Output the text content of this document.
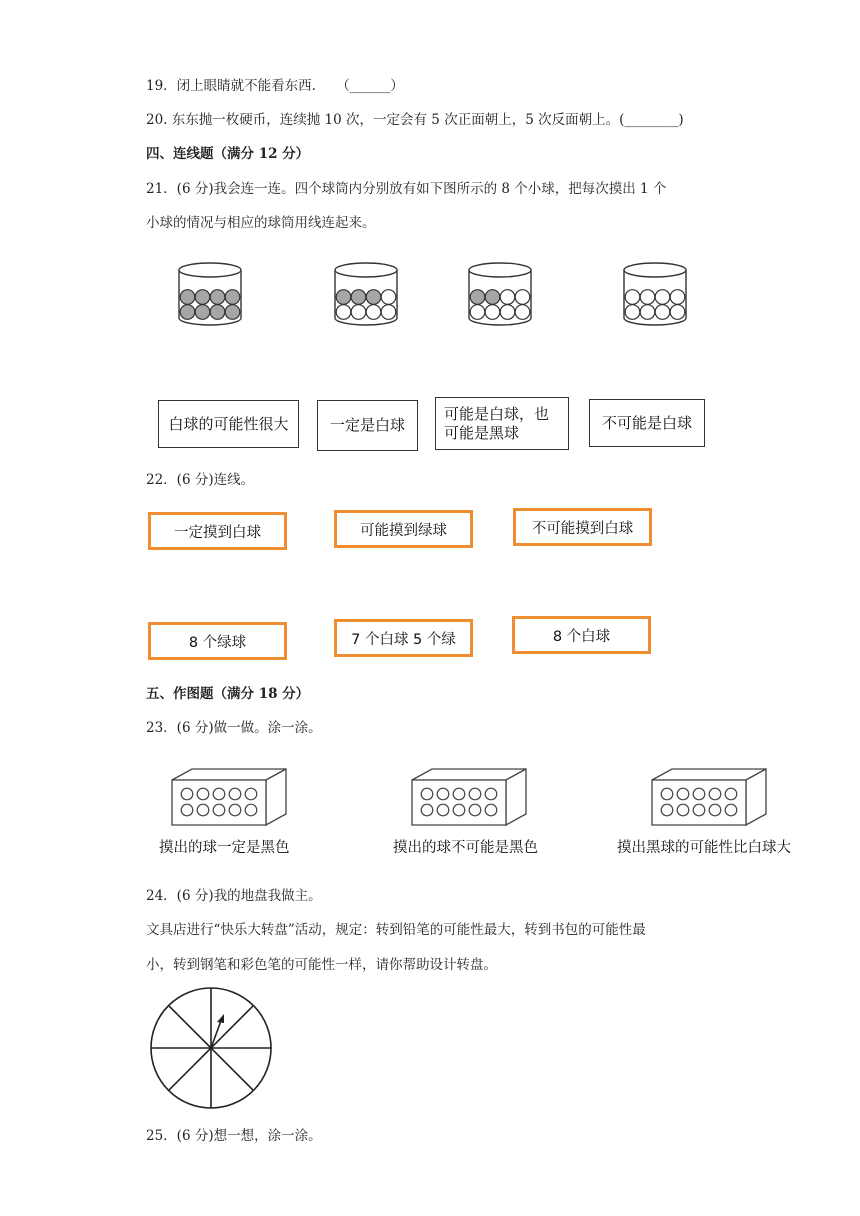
19．闭上眼睛就不能看东西.　　（______）
20. 东东抛一枚硬币，连续抛 10 次，一定会有 5 次正面朝上，5 次反面朝上。(________)
四、连线题（满分 12 分）
21．(6 分)我会连一连。四个球筒内分别放有如下图所示的 8 个小球，把每次摸出 1 个
小球的情况与相应的球筒用线连起来。
白球的可能性很大	一定是白球
可能是白球，也
可能是黑球
不可能是白球
22．(6 分)连线。
一定摸到白球	可能摸到绿球	不可能摸到白球
8 个绿球	7 个白球 5 个绿	8 个白球
五、作图题（满分 18 分）
23．(6 分)做一做。涂一涂。
摸出的球一定是黑色	摸出的球不可能是黑色	摸出黑球的可能性比白球大
24．(6 分)我的地盘我做主。
文具店进行“快乐大转盘”活动，规定：转到铅笔的可能性最大，转到书包的可能性最
小，转到钢笔和彩色笔的可能性一样，请你帮助设计转盘。
25．(6 分)想一想，涂一涂。
